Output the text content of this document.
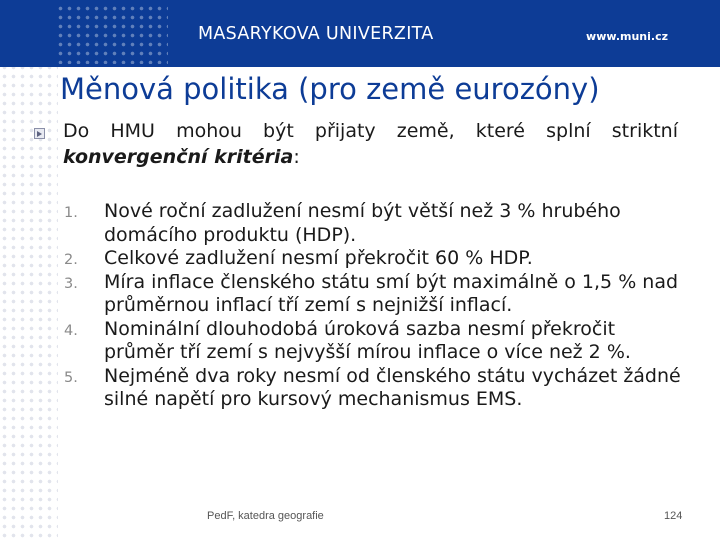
MASARYKOVA UNIVERZITA	www.muni.cz
Měnová politika (pro země eurozóny)
Do HMU mohou být přijaty země, které splní striktní konvergenční kritéria:
1. Nové roční zadlužení nesmí být větší než 3 % hrubého domácího produktu (HDP).
2. Celkové zadlužení nesmí překročit 60 % HDP.
3. Míra inflace členského státu smí být maximálně o 1,5 % nad průměrnou inflací tří zemí s nejnižší inflací.
4. Nominální dlouhodobá úroková sazba nesmí překročit průměr tří zemí s nejvyšší mírou inflace o více než 2 %.
5. Nejméně dva roky nesmí od členského státu vycházet žádné silné napětí pro kursový mechanismus EMS.
PedF, katedra geografie	124
